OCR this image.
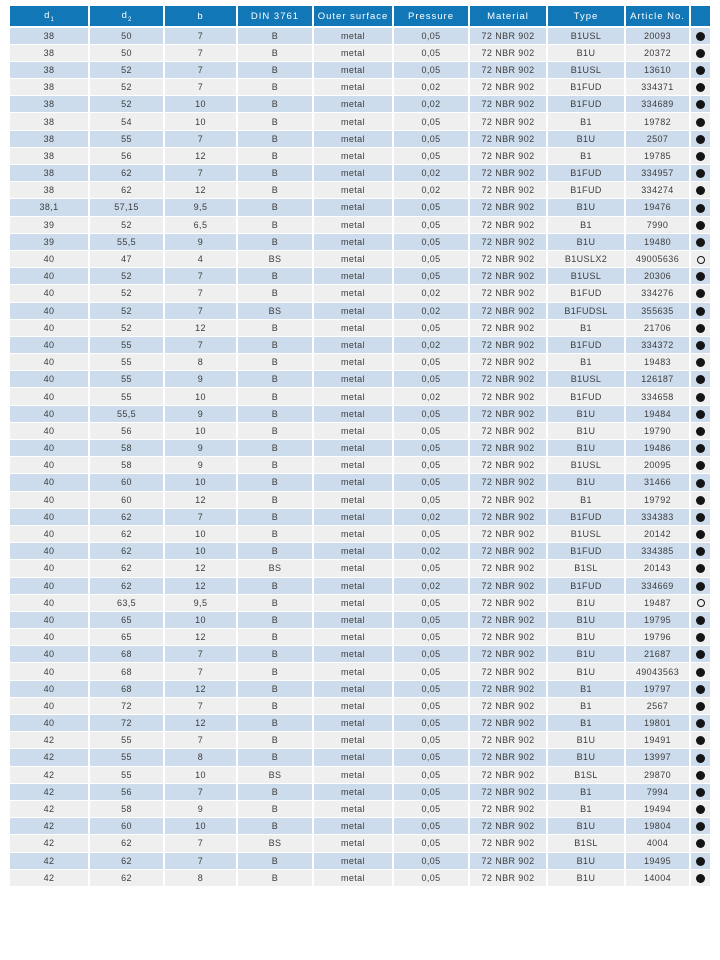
$d_1$	$d_2$	b	DIN 3761	Outer surface	Pressure	Material	Type	Article No.	
38	50	7	B	metal	0,05	72 NBR 902	B1USL	20093	
38	50	7	B	metal	0,05	72 NBR 902	B1U	20372	
38	52	7	B	metal	0,05	72 NBR 902	B1USL	13610	
38	52	7	B	metal	0,02	72 NBR 902	B1FUD	334371	
38	52	10	B	metal	0,02	72 NBR 902	B1FUD	334689	
38	54	10	B	metal	0,05	72 NBR 902	B1	19782	
38	55	7	B	metal	0,05	72 NBR 902	B1U	2507	
38	56	12	B	metal	0,05	72 NBR 902	B1	19785	
38	62	7	B	metal	0,02	72 NBR 902	B1FUD	334957	
38	62	12	B	metal	0,02	72 NBR 902	B1FUD	334274	
38,1	57,15	9,5	B	metal	0,05	72 NBR 902	B1U	19476	
39	52	6,5	B	metal	0,05	72 NBR 902	B1	7990	
39	55,5	9	B	metal	0,05	72 NBR 902	B1U	19480	
40	47	4	BS	metal	0,05	72 NBR 902	B1USLX2	49005636	
40	52	7	B	metal	0,05	72 NBR 902	B1USL	20306	
40	52	7	B	metal	0,02	72 NBR 902	B1FUD	334276	
40	52	7	BS	metal	0,02	72 NBR 902	B1FUDSL	355635	
40	52	12	B	metal	0,05	72 NBR 902	B1	21706	
40	55	7	B	metal	0,02	72 NBR 902	B1FUD	334372	
40	55	8	B	metal	0,05	72 NBR 902	B1	19483	
40	55	9	B	metal	0,05	72 NBR 902	B1USL	126187	
40	55	10	B	metal	0,02	72 NBR 902	B1FUD	334658	
40	55,5	9	B	metal	0,05	72 NBR 902	B1U	19484	
40	56	10	B	metal	0,05	72 NBR 902	B1U	19790	
40	58	9	B	metal	0,05	72 NBR 902	B1U	19486	
40	58	9	B	metal	0,05	72 NBR 902	B1USL	20095	
40	60	10	B	metal	0,05	72 NBR 902	B1U	31466	
40	60	12	B	metal	0,05	72 NBR 902	B1	19792	
40	62	7	B	metal	0,02	72 NBR 902	B1FUD	334383	
40	62	10	B	metal	0,05	72 NBR 902	B1USL	20142	
40	62	10	B	metal	0,02	72 NBR 902	B1FUD	334385	
40	62	12	BS	metal	0,05	72 NBR 902	B1SL	20143	
40	62	12	B	metal	0,02	72 NBR 902	B1FUD	334669	
40	63,5	9,5	B	metal	0,05	72 NBR 902	B1U	19487	
40	65	10	B	metal	0,05	72 NBR 902	B1U	19795	
40	65	12	B	metal	0,05	72 NBR 902	B1U	19796	
40	68	7	B	metal	0,05	72 NBR 902	B1U	21687	
40	68	7	B	metal	0,05	72 NBR 902	B1U	49043563	
40	68	12	B	metal	0,05	72 NBR 902	B1	19797	
40	72	7	B	metal	0,05	72 NBR 902	B1	2567	
40	72	12	B	metal	0,05	72 NBR 902	B1	19801	
42	55	7	B	metal	0,05	72 NBR 902	B1U	19491	
42	55	8	B	metal	0,05	72 NBR 902	B1U	13997	
42	55	10	BS	metal	0,05	72 NBR 902	B1SL	29870	
42	56	7	B	metal	0,05	72 NBR 902	B1	7994	
42	58	9	B	metal	0,05	72 NBR 902	B1	19494	
42	60	10	B	metal	0,05	72 NBR 902	B1U	19804	
42	62	7	BS	metal	0,05	72 NBR 902	B1SL	4004	
42	62	7	B	metal	0,05	72 NBR 902	B1U	19495	
42	62	8	B	metal	0,05	72 NBR 902	B1U	14004	
